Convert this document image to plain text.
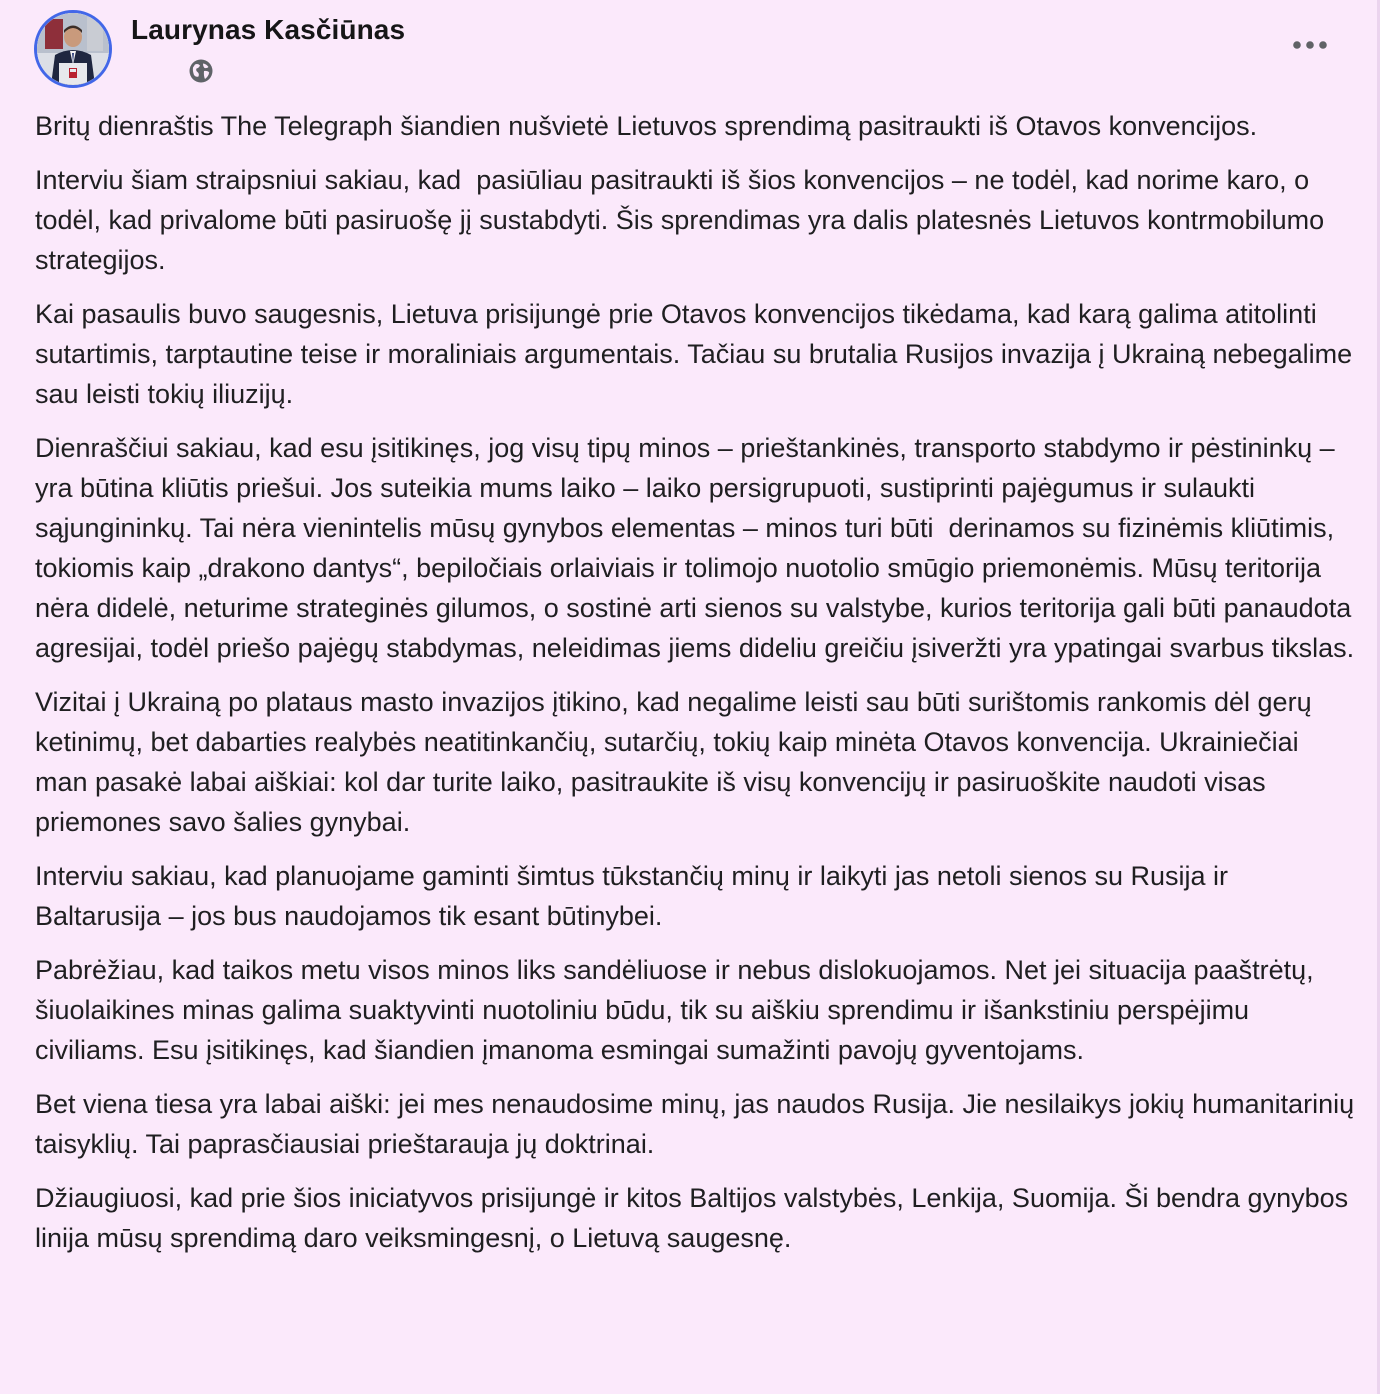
Laurynas Kasčiūnas

Britų dienraštis The Telegraph šiandien nušvietė Lietuvos sprendimą pasitraukti iš Otavos konvencijos.

Interviu šiam straipsniui sakiau, kad  pasiūliau pasitraukti iš šios konvencijos – ne todėl, kad norime karo, o todėl, kad privalome būti pasiruošę jį sustabdyti. Šis sprendimas yra dalis platesnės Lietuvos kontrmobilumo strategijos.

Kai pasaulis buvo saugesnis, Lietuva prisijungė prie Otavos konvencijos tikėdama, kad karą galima atitolinti sutartimis, tarptautine teise ir moraliniais argumentais. Tačiau su brutalia Rusijos invazija į Ukrainą nebegalime sau leisti tokių iliuzijų.

Dienraščiui sakiau, kad esu įsitikinęs, jog visų tipų minos – prieštankinės, transporto stabdymo ir pėstininkų – yra būtina kliūtis priešui. Jos suteikia mums laiko – laiko persigrupuoti, sustiprinti pajėgumus ir sulaukti sąjungininkų. Tai nėra vienintelis mūsų gynybos elementas – minos turi būti  derinamos su fizinėmis kliūtimis, tokiomis kaip „drakono dantys“, bepiločiais orlaiviais ir tolimojo nuotolio smūgio priemonėmis. Mūsų teritorija nėra didelė, neturime strateginės gilumos, o sostinė arti sienos su valstybe, kurios teritorija gali būti panaudota agresijai, todėl priešo pajėgų stabdymas, neleidimas jiems dideliu greičiu įsiveržti yra ypatingai svarbus tikslas.

Vizitai į Ukrainą po plataus masto invazijos įtikino, kad negalime leisti sau būti surištomis rankomis dėl gerų ketinimų, bet dabarties realybės neatitinkančių, sutarčių, tokių kaip minėta Otavos konvencija. Ukrainiečiai man pasakė labai aiškiai: kol dar turite laiko, pasitraukite iš visų konvencijų ir pasiruoškite naudoti visas priemones savo šalies gynybai.

Interviu sakiau, kad planuojame gaminti šimtus tūkstančių minų ir laikyti jas netoli sienos su Rusija ir Baltarusija – jos bus naudojamos tik esant būtinybei.

Pabrėžiau, kad taikos metu visos minos liks sandėliuose ir nebus dislokuojamos. Net jei situacija paaštrėtų, šiuolaikines minas galima suaktyvinti nuotoliniu būdu, tik su aiškiu sprendimu ir išankstiniu perspėjimu civiliams. Esu įsitikinęs, kad šiandien įmanoma esmingai sumažinti pavojų gyventojams.

Bet viena tiesa yra labai aiški: jei mes nenaudosime minų, jas naudos Rusija. Jie nesilaikys jokių humanitarinių taisyklių. Tai paprasčiausiai prieštarauja jų doktrinai.

Džiaugiuosi, kad prie šios iniciatyvos prisijungė ir kitos Baltijos valstybės, Lenkija, Suomija. Ši bendra gynybos linija mūsų sprendimą daro veiksmingesnį, o Lietuvą saugesnę.
